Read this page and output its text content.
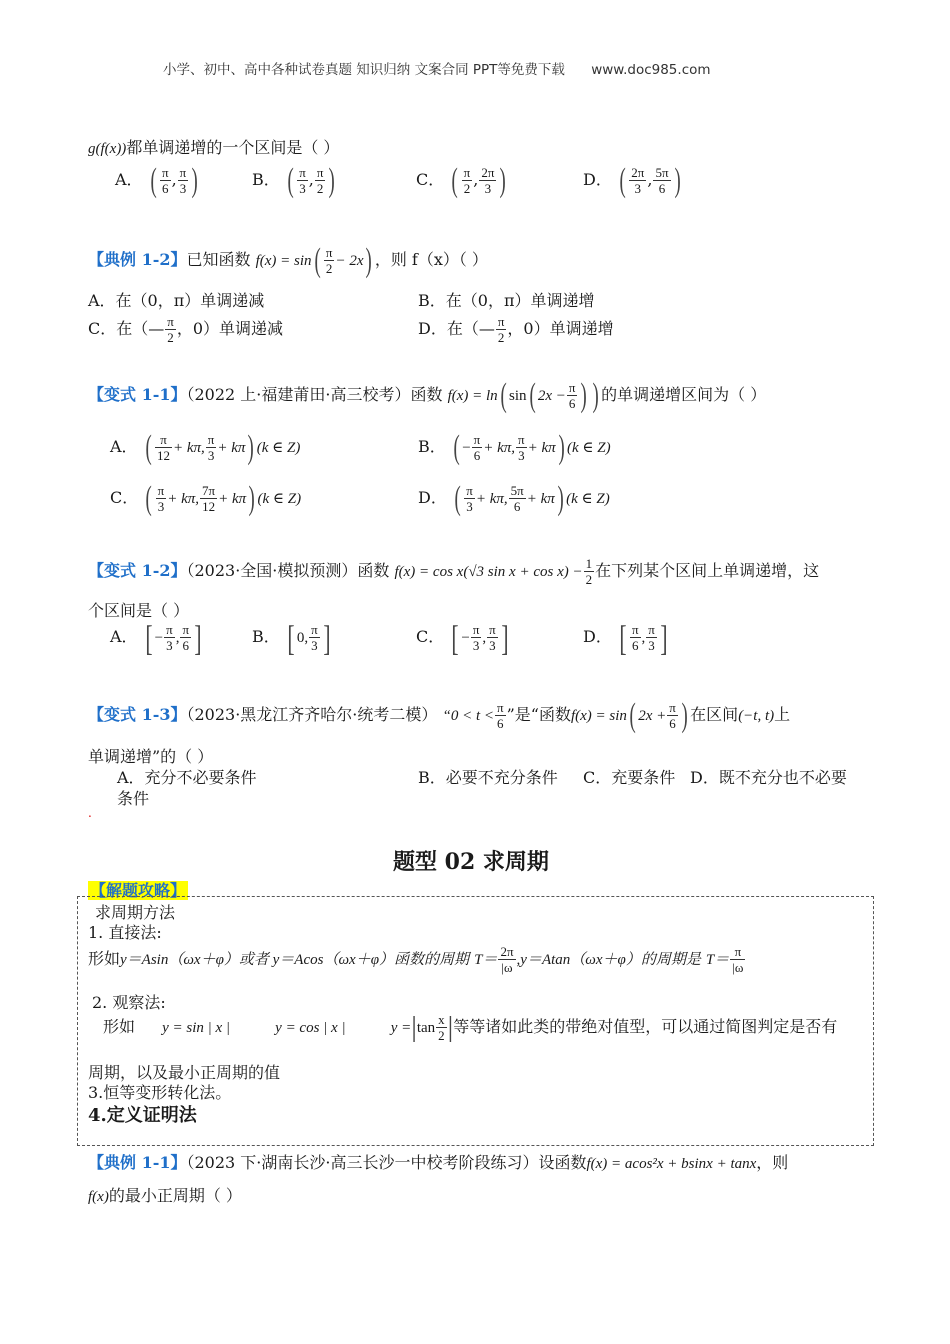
小学、初中、高中各种试卷真题 知识归纳 文案合同 PPT等免费下载 www.doc985.com
g(f(x))都单调递增的一个区间是（ ）
A． ( $\frac{\pi}{6}$ , $\frac{\pi}{3}$ )	B． ( $\frac{\pi}{3}$ , $\frac{\pi}{2}$ )	C． ( $\frac{\pi}{2}$ , $\frac{2\pi}{3}$ )	D． ( $\frac{2\pi}{3}$ , $\frac{5\pi}{6}$ )
【典例 1-2】已知函数 $f(x) = \sin( \frac{\pi}{2} - 2x)$ ，则 f（x）（ ）
A．在（0，π）单调递减	B．在（0，π）单调递增
C．在（— $\frac{\pi}{2}$ ，0）单调递减	D．在（— $\frac{\pi}{2}$ ，0）单调递增
【变式 1-1】（2022 上·福建莆田·高三校考）函数 f(x) = ln( sin( $2x - \frac{\pi}{6}$ ) ) 的单调递增区间为（ ）
A． ( $\frac{\pi}{12} + k\pi$, $\frac{\pi}{3} + k\pi$) (k ∈ Z)	B． ( − $\frac{\pi}{6} + k\pi$, $\frac{\pi}{3} + k\pi$) (k ∈ Z)
C． ( $\frac{\pi}{3} + k\pi$, $\frac{7\pi}{12} + k\pi$) (k ∈ Z)	D． ( $\frac{\pi}{3} + k\pi$, $\frac{5\pi}{6} + k\pi$) (k ∈ Z)
【变式 1-2】（2023·全国·模拟预测）函数 f(x) = cos x(√3 $\sin x + \cos x) - \frac{1}{2}$ 在下列某个区间上单调递增，这
个区间是（ ）
A． [ − $\frac{\pi}{3}$ , $\frac{\pi}{6}$ ]	B． [ 0, $\frac{\pi}{3}$ ]	C． [ − $\frac{\pi}{3}$ , $\frac{\pi}{3}$ ]	D． [ $\frac{\pi}{6}$ , $\frac{\pi}{3}$ ]
【变式 1-3】（2023·黑龙江齐齐哈尔·统考二模） “$0 < t < \frac{\pi}{6}$ ”是“函数f(x) = sin( $2x + \frac{\pi}{6}$ ) 在区间(−t, t)上
单调递增”的（ ）
A．充分不必要条件	B．必要不充分条件 C．充要条件 D．既不充分也不必要
条件
.
题型 02 求周期
【解题攻略】
求周期方法
1. 直接法:
形如y＝Asin（ωx＋φ）或者 y＝Acos（ωx＋φ）函数的周期 $T= \frac{2\pi}{|\omega} ,y=Atan(\omega x+\varphi)$的周期是 $T= \frac{\pi}{|\omega}$
2. 观察法:
形如 y = sin | x |	y = cos | x |	$y =|\tan \frac{x}{2}$ |等等诸如此类的带绝对值型，可以通过简图判定是否有
周期，以及最小正周期的值
3.恒等变形转化法。
4.定义证明法
【典例 1-1】（2023 下·湖南长沙·高三长沙一中校考阶段练习）设函数f(x) = acos²x + bsinx + tanx，则
f(x)的最小正周期（ ）
